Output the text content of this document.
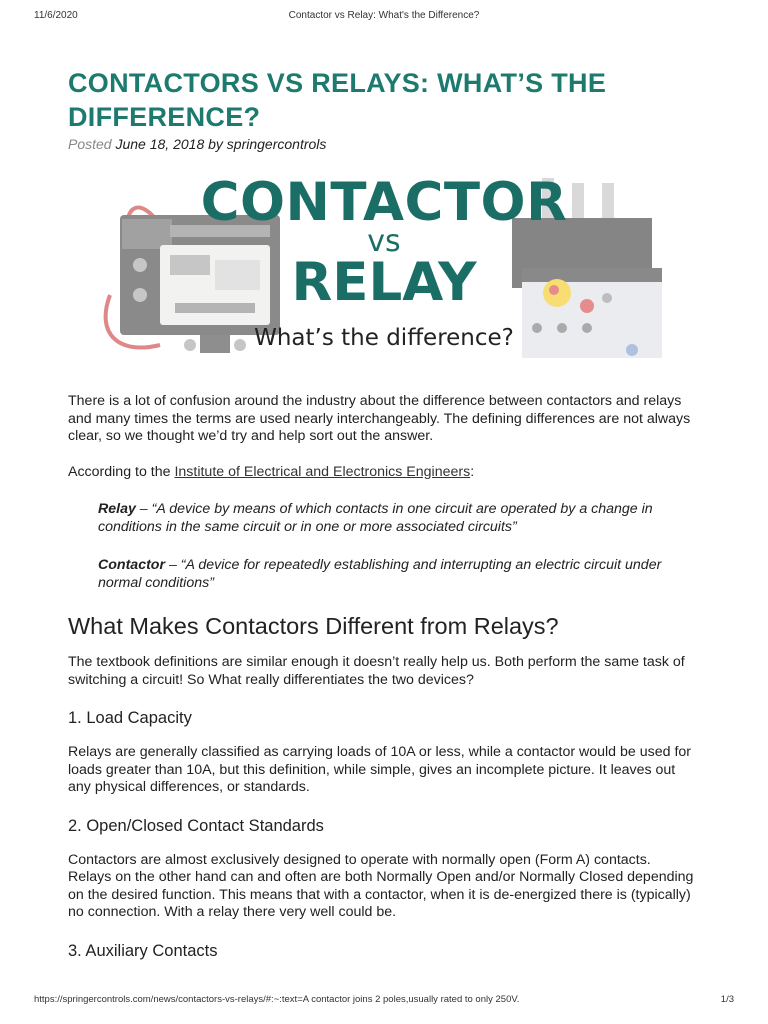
11/6/2020	Contactor vs Relay: What's the Difference?
CONTACTORS VS RELAYS: WHAT’S THE DIFFERENCE?
Posted June 18, 2018 by springercontrols
CONTACTOR
vs
RELAY
What’s the difference?

There is a lot of confusion around the industry about the difference between contactors and relays and many times the terms are used nearly interchangeably. The defining differences are not always clear, so we thought we’d try and help sort out the answer.

According to the Institute of Electrical and Electronics Engineers:

Relay – “A device by means of which contacts in one circuit are operated by a change in conditions in the same circuit or in one or more associated circuits”

Contactor – “A device for repeatedly establishing and interrupting an electric circuit under normal conditions”

What Makes Contactors Different from Relays?

The textbook definitions are similar enough it doesn’t really help us. Both perform the same task of switching a circuit! So What really differentiates the two devices?

1. Load Capacity

Relays are generally classified as carrying loads of 10A or less, while a contactor would be used for loads greater than 10A, but this definition, while simple, gives an incomplete picture. It leaves out any physical differences, or standards.

2. Open/Closed Contact Standards

Contactors are almost exclusively designed to operate with normally open (Form A) contacts. Relays on the other hand can and often are both Normally Open and/or Normally Closed depending on the desired function. This means that with a contactor, when it is de-energized there is (typically) no connection. With a relay there very well could be.

3. Auxiliary Contacts
https://springercontrols.com/news/contactors-vs-relays/#:~:text=A contactor joins 2 poles,usually rated to only 250V.	1/3
